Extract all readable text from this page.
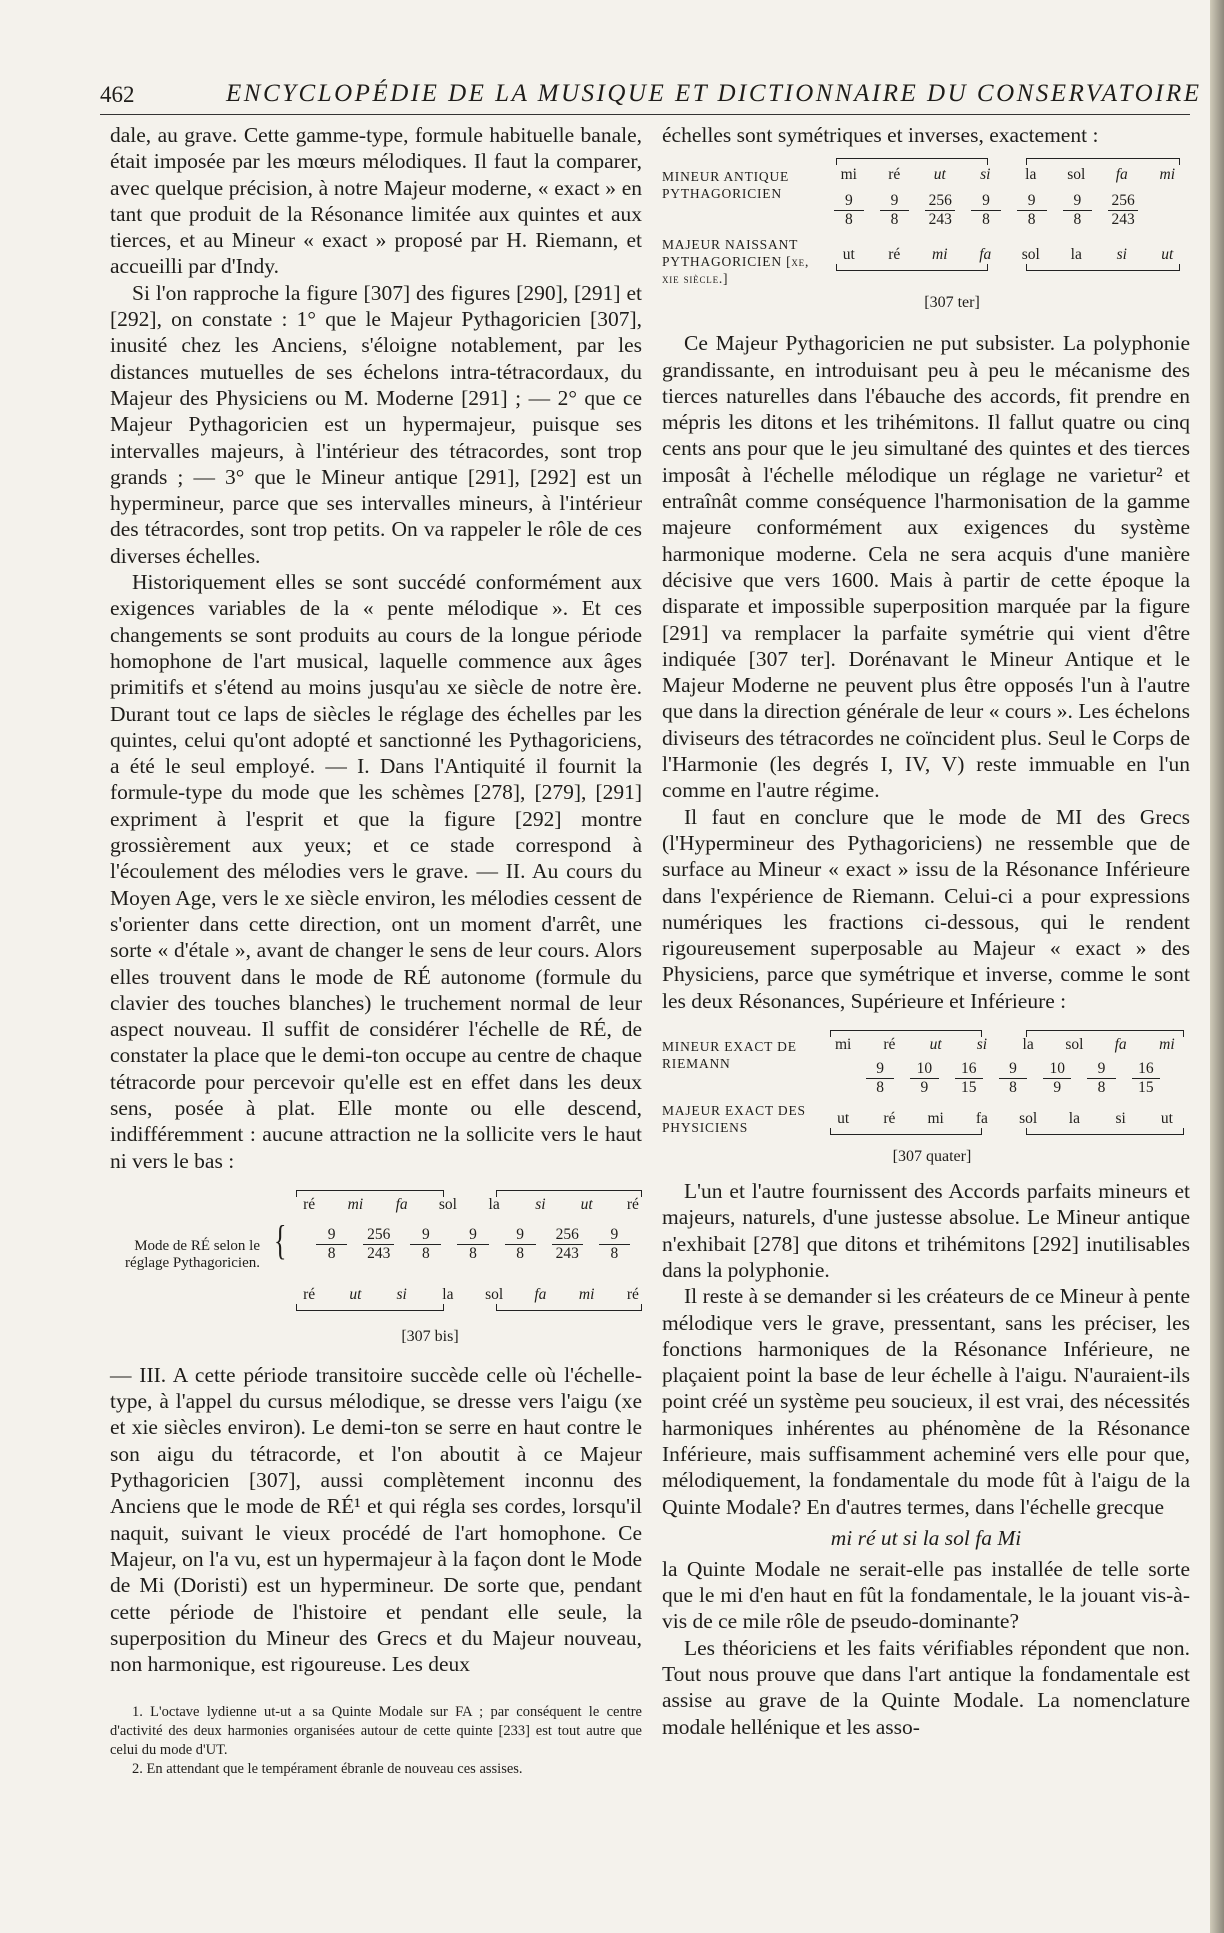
462	ENCYCLOPÉDIE DE LA MUSIQUE ET DICTIONNAIRE DU CONSERVATOIRE

dale, au grave. Cette gamme-type, formule habituelle banale, était imposée par les mœurs mélodiques. Il faut la comparer, avec quelque précision, à notre Majeur moderne, « exact » en tant que produit de la Résonance limitée aux quintes et aux tierces, et au Mineur « exact » proposé par H. Riemann, et accueilli par d'Indy.

Si l'on rapproche la figure [307] des figures [290], [291] et [292], on constate : 1° que le Majeur Pythagoricien [307], inusité chez les Anciens, s'éloigne notablement, par les distances mutuelles de ses échelons intra-tétracordaux, du Majeur des Physiciens ou M. Moderne [291] ; — 2° que ce Majeur Pythagoricien est un hypermajeur, puisque ses intervalles majeurs, à l'intérieur des tétracordes, sont trop grands ; — 3° que le Mineur antique [291], [292] est un hypermineur, parce que ses intervalles mineurs, à l'intérieur des tétracordes, sont trop petits. On va rappeler le rôle de ces diverses échelles.

Historiquement elles se sont succédé conformément aux exigences variables de la « pente mélodique ». Et ces changements se sont produits au cours de la longue période homophone de l'art musical, laquelle commence aux âges primitifs et s'étend au moins jusqu'au xe siècle de notre ère. Durant tout ce laps de siècles le réglage des échelles par les quintes, celui qu'ont adopté et sanctionné les Pythagoriciens, a été le seul employé. — I. Dans l'Antiquité il fournit la formule-type du mode que les schèmes [278], [279], [291] expriment à l'esprit et que la figure [292] montre grossièrement aux yeux; et ce stade correspond à l'écoulement des mélodies vers le grave. — II. Au cours du Moyen Age, vers le xe siècle environ, les mélodies cessent de s'orienter dans cette direction, ont un moment d'arrêt, une sorte « d'étale », avant de changer le sens de leur cours. Alors elles trouvent dans le mode de RÉ autonome (formule du clavier des touches blanches) le truchement normal de leur aspect nouveau. Il suffit de considérer l'échelle de RÉ, de constater la place que le demi-ton occupe au centre de chaque tétracorde pour percevoir qu'elle est en effet dans les deux sens, posée à plat. Elle monte ou elle descend, indifféremment : aucune attraction ne la sollicite vers le haut ni vers le bas :

Mode de RÉ selon le réglage Pythagoricien. {
ré	mi	fa	sol	la	si	ut	ré
$\frac{9}{8} \frac{256}{243} \frac{9}{8} \frac{9}{8} \frac{9}{8} \frac{256}{243} \frac{9}{8}$
ré	ut	si	la	sol	fa	mi	ré
[307 bis]

— III. A cette période transitoire succède celle où l'échelle-type, à l'appel du cursus mélodique, se dresse vers l'aigu (xe et xie siècles environ). Le demi-ton se serre en haut contre le son aigu du tétracorde, et l'on aboutit à ce Majeur Pythagoricien [307], aussi complètement inconnu des Anciens que le mode de RÉ¹ et qui régla ses cordes, lorsqu'il naquit, suivant le vieux procédé de l'art homophone. Ce Majeur, on l'a vu, est un hypermajeur à la façon dont le Mode de Mi (Doristi) est un hypermineur. De sorte que, pendant cette période de l'histoire et pendant elle seule, la superposition du Mineur des Grecs et du Majeur nouveau, non harmonique, est rigoureuse. Les deux

1. L'octave lydienne ut-ut a sa Quinte Modale sur FA ; par conséquent le centre d'activité des deux harmonies organisées autour de cette quinte [233] est tout autre que celui du mode d'UT.

2. En attendant que le tempérament ébranle de nouveau ces assises.

échelles sont symétriques et inverses, exactement :

MINEUR ANTIQUE PYTHAGORICIEN
MAJEUR NAISSANT PYTHAGORICIEN [xe, xie siècle.]
mi	ré	ut	si	la	sol	fa	mi
$\frac{9}{8} \frac{9}{8} \frac{256}{243} \frac{9}{8} \frac{9}{8} \frac{9}{8} \frac{256}{243}$
ut	ré	mi	fa	sol	la	si	ut
[307 ter]

Ce Majeur Pythagoricien ne put subsister. La polyphonie grandissante, en introduisant peu à peu le mécanisme des tierces naturelles dans l'ébauche des accords, fit prendre en mépris les ditons et les trihémitons. Il fallut quatre ou cinq cents ans pour que le jeu simultané des quintes et des tierces imposât à l'échelle mélodique un réglage ne varietur² et entraînât comme conséquence l'harmonisation de la gamme majeure conformément aux exigences du système harmonique moderne. Cela ne sera acquis d'une manière décisive que vers 1600. Mais à partir de cette époque la disparate et impossible superposition marquée par la figure [291] va remplacer la parfaite symétrie qui vient d'être indiquée [307 ter]. Dorénavant le Mineur Antique et le Majeur Moderne ne peuvent plus être opposés l'un à l'autre que dans la direction générale de leur « cours ». Les échelons diviseurs des tétracordes ne coïncident plus. Seul le Corps de l'Harmonie (les degrés I, IV, V) reste immuable en l'un comme en l'autre régime.

Il faut en conclure que le mode de MI des Grecs (l'Hypermineur des Pythagoriciens) ne ressemble que de surface au Mineur « exact » issu de la Résonance Inférieure dans l'expérience de Riemann. Celui-ci a pour expressions numériques les fractions ci-dessous, qui le rendent rigoureusement superposable au Majeur « exact » des Physiciens, parce que symétrique et inverse, comme le sont les deux Résonances, Supérieure et Inférieure :

MINEUR EXACT DE RIEMANN
MAJEUR EXACT DES PHYSICIENS
mi	ré	ut	si	la	sol	fa	mi
$\frac{9}{8} \frac{10}{9} \frac{16}{15} \frac{9}{8} \frac{10}{9} \frac{9}{8} \frac{16}{15}$
ut	ré	mi	fa	sol	la	si	ut
[307 quater]

L'un et l'autre fournissent des Accords parfaits mineurs et majeurs, naturels, d'une justesse absolue. Le Mineur antique n'exhibait [278] que ditons et trihémitons [292] inutilisables dans la polyphonie.

Il reste à se demander si les créateurs de ce Mineur à pente mélodique vers le grave, pressentant, sans les préciser, les fonctions harmoniques de la Résonance Inférieure, ne plaçaient point la base de leur échelle à l'aigu. N'auraient-ils point créé un système peu soucieux, il est vrai, des nécessités harmoniques inhérentes au phénomène de la Résonance Inférieure, mais suffisamment acheminé vers elle pour que, mélodiquement, la fondamentale du mode fût à l'aigu de la Quinte Modale? En d'autres termes, dans l'échelle grecque

mi ré ut si la sol fa Mi

la Quinte Modale ne serait-elle pas installée de telle sorte que le mi d'en haut en fût la fondamentale, le la jouant vis-à-vis de ce mile rôle de pseudo-dominante?

Les théoriciens et les faits vérifiables répondent que non. Tout nous prouve que dans l'art antique la fondamentale est assise au grave de la Quinte Modale. La nomenclature modale hellénique et les asso-
